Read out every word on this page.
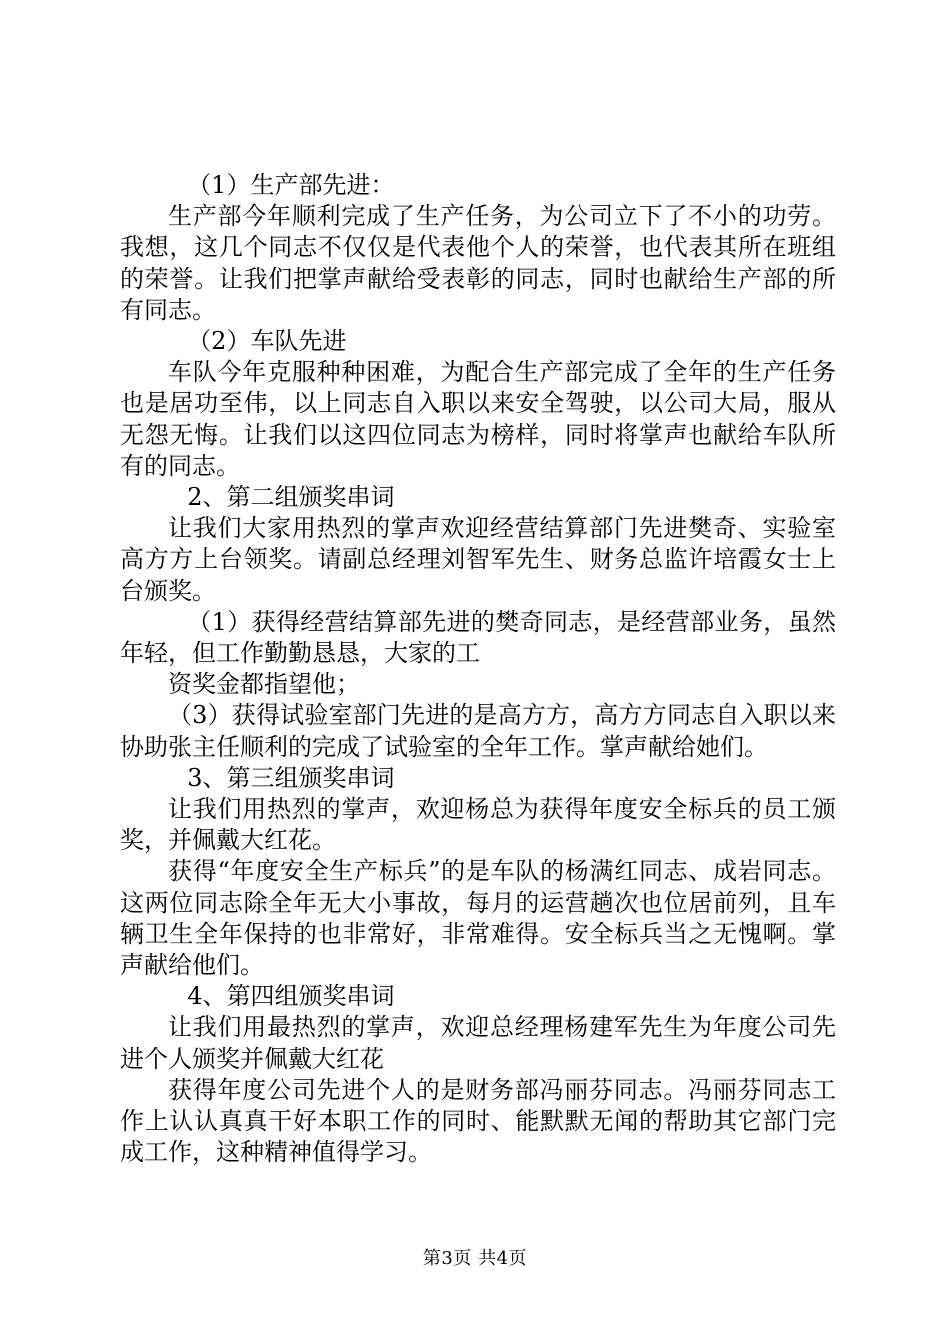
（1）生产部先进：

生产部今年顺利完成了生产任务，为公司立下了不小的功劳。我想，这几个同志不仅仅是代表他个人的荣誉，也代表其所在班组的荣誉。让我们把掌声献给受表彰的同志，同时也献给生产部的所有同志。

（2）车队先进

车队今年克服种种困难，为配合生产部完成了全年的生产任务也是居功至伟，以上同志自入职以来安全驾驶，以公司大局，服从无怨无悔。让我们以这四位同志为榜样，同时将掌声也献给车队所有的同志。

2、第二组颁奖串词

让我们大家用热烈的掌声欢迎经营结算部门先进樊奇、实验室高方方上台领奖。请副总经理刘智军先生、财务总监许培霞女士上台颁奖。

（1）获得经营结算部先进的樊奇同志，是经营部业务，虽然年轻，但工作勤勤恳恳，大家的工

资奖金都指望他；

（3）获得试验室部门先进的是高方方，高方方同志自入职以来协助张主任顺利的完成了试验室的全年工作。掌声献给她们。

3、第三组颁奖串词

让我们用热烈的掌声，欢迎杨总为获得年度安全标兵的员工颁奖，并佩戴大红花。

获得“年度安全生产标兵”的是车队的杨满红同志、成岩同志。这两位同志除全年无大小事故，每月的运营趟次也位居前列，且车辆卫生全年保持的也非常好，非常难得。安全标兵当之无愧啊。掌声献给他们。

4、第四组颁奖串词

让我们用最热烈的掌声，欢迎总经理杨建军先生为年度公司先进个人颁奖并佩戴大红花

获得年度公司先进个人的是财务部冯丽芬同志。冯丽芬同志工作上认认真真干好本职工作的同时、能默默无闻的帮助其它部门完成工作，这种精神值得学习。

第3页 共4页
